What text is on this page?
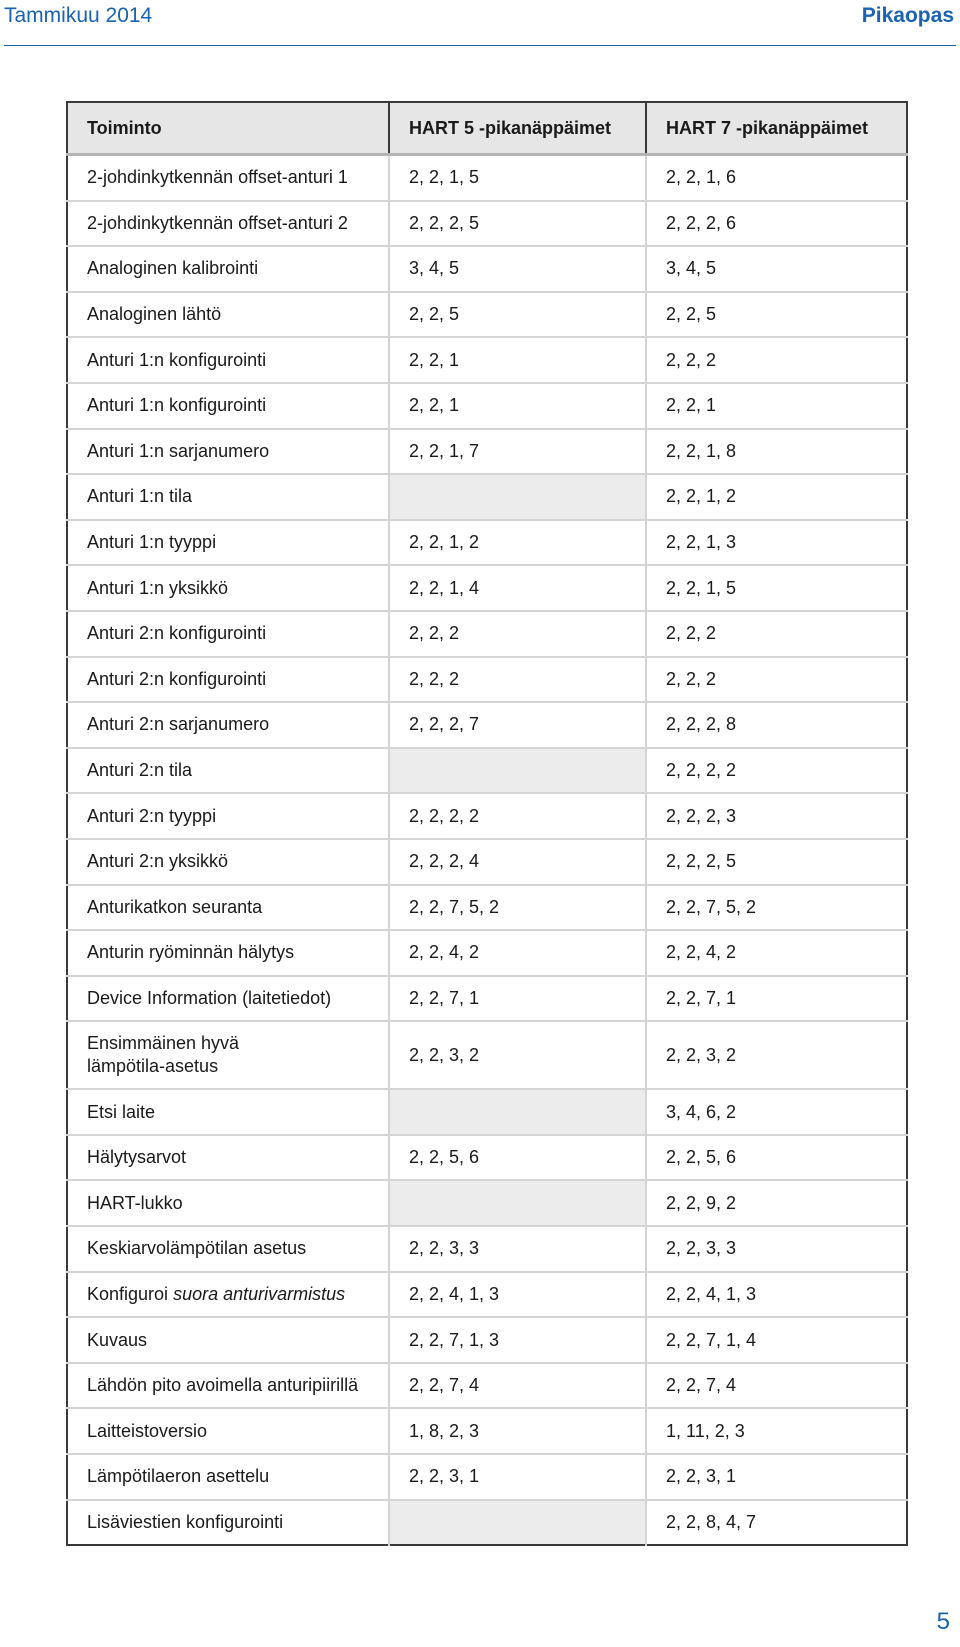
Tammikuu 2014	Pikaopas
Toiminto	HART 5 -pikanäppäimet	HART 7 -pikanäppäimet
2-johdinkytkennän offset-anturi 1	2, 2, 1, 5	2, 2, 1, 6
2-johdinkytkennän offset-anturi 2	2, 2, 2, 5	2, 2, 2, 6
Analoginen kalibrointi	3, 4, 5	3, 4, 5
Analoginen lähtö	2, 2, 5	2, 2, 5
Anturi 1:n konfigurointi	2, 2, 1	2, 2, 2
Anturi 1:n konfigurointi	2, 2, 1	2, 2, 1
Anturi 1:n sarjanumero	2, 2, 1, 7	2, 2, 1, 8
Anturi 1:n tila		2, 2, 1, 2
Anturi 1:n tyyppi	2, 2, 1, 2	2, 2, 1, 3
Anturi 1:n yksikkö	2, 2, 1, 4	2, 2, 1, 5
Anturi 2:n konfigurointi	2, 2, 2	2, 2, 2
Anturi 2:n konfigurointi	2, 2, 2	2, 2, 2
Anturi 2:n sarjanumero	2, 2, 2, 7	2, 2, 2, 8
Anturi 2:n tila		2, 2, 2, 2
Anturi 2:n tyyppi	2, 2, 2, 2	2, 2, 2, 3
Anturi 2:n yksikkö	2, 2, 2, 4	2, 2, 2, 5
Anturikatkon seuranta	2, 2, 7, 5, 2	2, 2, 7, 5, 2
Anturin ryöminnän hälytys	2, 2, 4, 2	2, 2, 4, 2
Device Information (laitetiedot)	2, 2, 7, 1	2, 2, 7, 1
Ensimmäinen hyvä
lämpötila-asetus	2, 2, 3, 2	2, 2, 3, 2
Etsi laite		3, 4, 6, 2
Hälytysarvot	2, 2, 5, 6	2, 2, 5, 6
HART-lukko		2, 2, 9, 2
Keskiarvolämpötilan asetus	2, 2, 3, 3	2, 2, 3, 3
Konfiguroi suora anturivarmistus	2, 2, 4, 1, 3	2, 2, 4, 1, 3
Kuvaus	2, 2, 7, 1, 3	2, 2, 7, 1, 4
Lähdön pito avoimella anturipiirillä	2, 2, 7, 4	2, 2, 7, 4
Laitteistoversio	1, 8, 2, 3	1, 11, 2, 3
Lämpötilaeron asettelu	2, 2, 3, 1	2, 2, 3, 1
Lisäviestien konfigurointi		2, 2, 8, 4, 7
5
